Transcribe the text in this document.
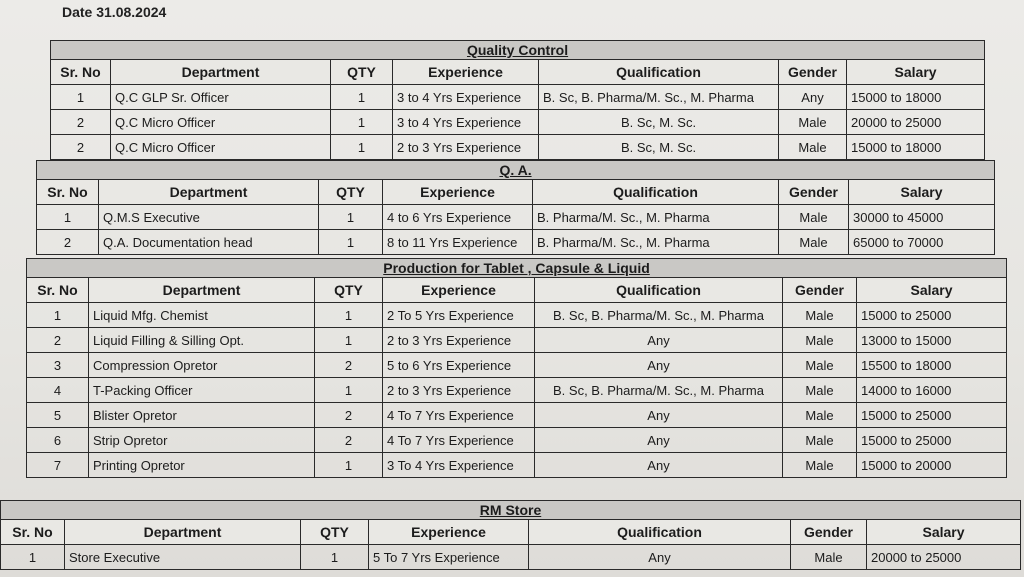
Date 31.08.2024
Quality Control						
Sr. No	Department	QTY	Experience	Qualification	Gender	Salary
1	Q.C GLP Sr. Officer	1	3 to 4 Yrs Experience	B. Sc, B. Pharma/M. Sc., M. Pharma	Any	15000 to 18000
2	Q.C Micro Officer	1	3 to 4 Yrs Experience	B. Sc, M. Sc.	Male	20000 to 25000
2	Q.C Micro Officer	1	2 to 3 Yrs Experience	B. Sc, M. Sc.	Male	15000 to 18000
Q. A.						
Sr. No	Department	QTY	Experience	Qualification	Gender	Salary
1	Q.M.S Executive	1	4 to 6 Yrs Experience	B. Pharma/M. Sc., M. Pharma	Male	30000 to 45000
2	Q.A. Documentation head	1	8 to 11 Yrs Experience	B. Pharma/M. Sc., M. Pharma	Male	65000 to 70000
Production for Tablet , Capsule & Liquid						
Sr. No	Department	QTY	Experience	Qualification	Gender	Salary
1	Liquid Mfg. Chemist	1	2 To 5 Yrs Experience	B. Sc, B. Pharma/M. Sc., M. Pharma	Male	15000 to 25000
2	Liquid Filling & Silling Opt.	1	2 to 3 Yrs Experience	Any	Male	13000 to 15000
3	Compression Opretor	2	5 to 6 Yrs Experience	Any	Male	15500 to 18000
4	T-Packing Officer	1	2 to 3 Yrs Experience	B. Sc, B. Pharma/M. Sc., M. Pharma	Male	14000 to 16000
5	Blister Opretor	2	4 To 7 Yrs Experience	Any	Male	15000 to 25000
6	Strip Opretor	2	4 To 7 Yrs Experience	Any	Male	15000 to 25000
7	Printing Opretor	1	3 To 4 Yrs Experience	Any	Male	15000 to 20000
RM Store						
Sr. No	Department	QTY	Experience	Qualification	Gender	Salary
1	Store Executive	1	5 To 7 Yrs Experience	Any	Male	20000 to 25000
